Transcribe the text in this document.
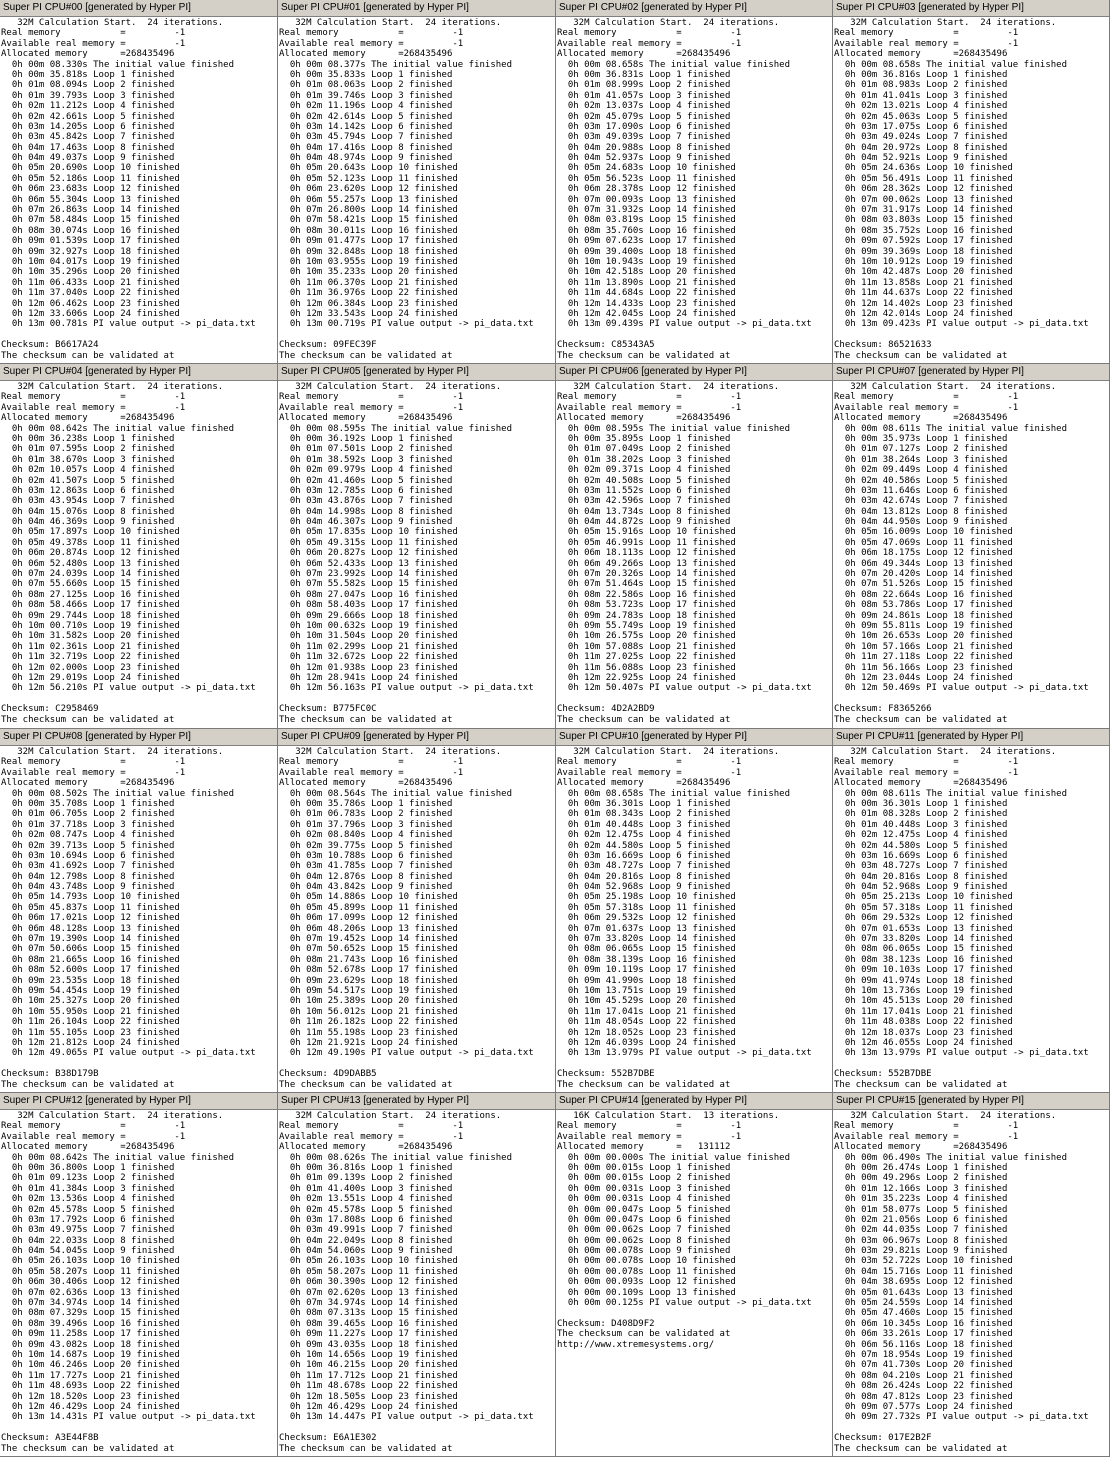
Super PI CPU#00 [generated by Hyper PI]
32M Calculation Start.  24 iterations.
Real memory           =         -1
Available real memory =         -1
Allocated memory      =268435496
0h 00m 08.330s The initial value finished
0h 00m 35.818s Loop 1 finished
0h 01m 08.094s Loop 2 finished
0h 01m 39.793s Loop 3 finished
0h 02m 11.212s Loop 4 finished
0h 02m 42.661s Loop 5 finished
0h 03m 14.205s Loop 6 finished
0h 03m 45.842s Loop 7 finished
0h 04m 17.463s Loop 8 finished
0h 04m 49.037s Loop 9 finished
0h 05m 20.690s Loop 10 finished
0h 05m 52.186s Loop 11 finished
0h 06m 23.683s Loop 12 finished
0h 06m 55.304s Loop 13 finished
0h 07m 26.863s Loop 14 finished
0h 07m 58.484s Loop 15 finished
0h 08m 30.074s Loop 16 finished
0h 09m 01.539s Loop 17 finished
0h 09m 32.927s Loop 18 finished
0h 10m 04.017s Loop 19 finished
0h 10m 35.296s Loop 20 finished
0h 11m 06.433s Loop 21 finished
0h 11m 37.040s Loop 22 finished
0h 12m 06.462s Loop 23 finished
0h 12m 33.606s Loop 24 finished
0h 13m 00.781s PI value output -> pi_data.txt
Checksum: B6617A24
The checksum can be validated at
Super PI CPU#01 [generated by Hyper PI]
32M Calculation Start.  24 iterations.
Real memory           =         -1
Available real memory =         -1
Allocated memory      =268435496
0h 00m 08.377s The initial value finished
0h 00m 35.833s Loop 1 finished
0h 01m 08.063s Loop 2 finished
0h 01m 39.746s Loop 3 finished
0h 02m 11.196s Loop 4 finished
0h 02m 42.614s Loop 5 finished
0h 03m 14.142s Loop 6 finished
0h 03m 45.794s Loop 7 finished
0h 04m 17.416s Loop 8 finished
0h 04m 48.974s Loop 9 finished
0h 05m 20.643s Loop 10 finished
0h 05m 52.123s Loop 11 finished
0h 06m 23.620s Loop 12 finished
0h 06m 55.257s Loop 13 finished
0h 07m 26.800s Loop 14 finished
0h 07m 58.421s Loop 15 finished
0h 08m 30.011s Loop 16 finished
0h 09m 01.477s Loop 17 finished
0h 09m 32.848s Loop 18 finished
0h 10m 03.955s Loop 19 finished
0h 10m 35.233s Loop 20 finished
0h 11m 06.370s Loop 21 finished
0h 11m 36.976s Loop 22 finished
0h 12m 06.384s Loop 23 finished
0h 12m 33.543s Loop 24 finished
0h 13m 00.719s PI value output -> pi_data.txt
Checksum: 09FEC39F
The checksum can be validated at
Super PI CPU#02 [generated by Hyper PI]
32M Calculation Start.  24 iterations.
Real memory           =         -1
Available real memory =         -1
Allocated memory      =268435496
0h 00m 08.658s The initial value finished
0h 00m 36.831s Loop 1 finished
0h 01m 08.999s Loop 2 finished
0h 01m 41.057s Loop 3 finished
0h 02m 13.037s Loop 4 finished
0h 02m 45.079s Loop 5 finished
0h 03m 17.090s Loop 6 finished
0h 03m 49.039s Loop 7 finished
0h 04m 20.988s Loop 8 finished
0h 04m 52.937s Loop 9 finished
0h 05m 24.683s Loop 10 finished
0h 05m 56.523s Loop 11 finished
0h 06m 28.378s Loop 12 finished
0h 07m 00.093s Loop 13 finished
0h 07m 31.932s Loop 14 finished
0h 08m 03.819s Loop 15 finished
0h 08m 35.760s Loop 16 finished
0h 09m 07.623s Loop 17 finished
0h 09m 39.400s Loop 18 finished
0h 10m 10.943s Loop 19 finished
0h 10m 42.518s Loop 20 finished
0h 11m 13.890s Loop 21 finished
0h 11m 44.684s Loop 22 finished
0h 12m 14.433s Loop 23 finished
0h 12m 42.045s Loop 24 finished
0h 13m 09.439s PI value output -> pi_data.txt
Checksum: C85343A5
The checksum can be validated at
Super PI CPU#03 [generated by Hyper PI]
32M Calculation Start.  24 iterations.
Real memory           =         -1
Available real memory =         -1
Allocated memory      =268435496
0h 00m 08.658s The initial value finished
0h 00m 36.816s Loop 1 finished
0h 01m 08.983s Loop 2 finished
0h 01m 41.041s Loop 3 finished
0h 02m 13.021s Loop 4 finished
0h 02m 45.063s Loop 5 finished
0h 03m 17.075s Loop 6 finished
0h 03m 49.024s Loop 7 finished
0h 04m 20.972s Loop 8 finished
0h 04m 52.921s Loop 9 finished
0h 05m 24.636s Loop 10 finished
0h 05m 56.491s Loop 11 finished
0h 06m 28.362s Loop 12 finished
0h 07m 00.062s Loop 13 finished
0h 07m 31.917s Loop 14 finished
0h 08m 03.803s Loop 15 finished
0h 08m 35.752s Loop 16 finished
0h 09m 07.592s Loop 17 finished
0h 09m 39.369s Loop 18 finished
0h 10m 10.912s Loop 19 finished
0h 10m 42.487s Loop 20 finished
0h 11m 13.858s Loop 21 finished
0h 11m 44.637s Loop 22 finished
0h 12m 14.402s Loop 23 finished
0h 12m 42.014s Loop 24 finished
0h 13m 09.423s PI value output -> pi_data.txt
Checksum: 86521633
The checksum can be validated at
Super PI CPU#04 [generated by Hyper PI]
32M Calculation Start.  24 iterations.
Real memory           =         -1
Available real memory =         -1
Allocated memory      =268435496
0h 00m 08.642s The initial value finished
0h 00m 36.238s Loop 1 finished
0h 01m 07.595s Loop 2 finished
0h 01m 38.670s Loop 3 finished
0h 02m 10.057s Loop 4 finished
0h 02m 41.507s Loop 5 finished
0h 03m 12.863s Loop 6 finished
0h 03m 43.954s Loop 7 finished
0h 04m 15.076s Loop 8 finished
0h 04m 46.369s Loop 9 finished
0h 05m 17.897s Loop 10 finished
0h 05m 49.378s Loop 11 finished
0h 06m 20.874s Loop 12 finished
0h 06m 52.480s Loop 13 finished
0h 07m 24.039s Loop 14 finished
0h 07m 55.660s Loop 15 finished
0h 08m 27.125s Loop 16 finished
0h 08m 58.466s Loop 17 finished
0h 09m 29.744s Loop 18 finished
0h 10m 00.710s Loop 19 finished
0h 10m 31.582s Loop 20 finished
0h 11m 02.361s Loop 21 finished
0h 11m 32.719s Loop 22 finished
0h 12m 02.000s Loop 23 finished
0h 12m 29.019s Loop 24 finished
0h 12m 56.210s PI value output -> pi_data.txt
Checksum: C2958469
The checksum can be validated at
Super PI CPU#05 [generated by Hyper PI]
32M Calculation Start.  24 iterations.
Real memory           =         -1
Available real memory =         -1
Allocated memory      =268435496
0h 00m 08.595s The initial value finished
0h 00m 36.192s Loop 1 finished
0h 01m 07.501s Loop 2 finished
0h 01m 38.592s Loop 3 finished
0h 02m 09.979s Loop 4 finished
0h 02m 41.460s Loop 5 finished
0h 03m 12.785s Loop 6 finished
0h 03m 43.876s Loop 7 finished
0h 04m 14.998s Loop 8 finished
0h 04m 46.307s Loop 9 finished
0h 05m 17.835s Loop 10 finished
0h 05m 49.315s Loop 11 finished
0h 06m 20.827s Loop 12 finished
0h 06m 52.433s Loop 13 finished
0h 07m 23.992s Loop 14 finished
0h 07m 55.582s Loop 15 finished
0h 08m 27.047s Loop 16 finished
0h 08m 58.403s Loop 17 finished
0h 09m 29.666s Loop 18 finished
0h 10m 00.632s Loop 19 finished
0h 10m 31.504s Loop 20 finished
0h 11m 02.299s Loop 21 finished
0h 11m 32.672s Loop 22 finished
0h 12m 01.938s Loop 23 finished
0h 12m 28.941s Loop 24 finished
0h 12m 56.163s PI value output -> pi_data.txt
Checksum: B775FC0C
The checksum can be validated at
Super PI CPU#06 [generated by Hyper PI]
32M Calculation Start.  24 iterations.
Real memory           =         -1
Available real memory =         -1
Allocated memory      =268435496
0h 00m 08.595s The initial value finished
0h 00m 35.895s Loop 1 finished
0h 01m 07.049s Loop 2 finished
0h 01m 38.202s Loop 3 finished
0h 02m 09.371s Loop 4 finished
0h 02m 40.508s Loop 5 finished
0h 03m 11.552s Loop 6 finished
0h 03m 42.596s Loop 7 finished
0h 04m 13.734s Loop 8 finished
0h 04m 44.872s Loop 9 finished
0h 05m 15.916s Loop 10 finished
0h 05m 46.991s Loop 11 finished
0h 06m 18.113s Loop 12 finished
0h 06m 49.266s Loop 13 finished
0h 07m 20.326s Loop 14 finished
0h 07m 51.464s Loop 15 finished
0h 08m 22.586s Loop 16 finished
0h 08m 53.723s Loop 17 finished
0h 09m 24.783s Loop 18 finished
0h 09m 55.749s Loop 19 finished
0h 10m 26.575s Loop 20 finished
0h 10m 57.088s Loop 21 finished
0h 11m 27.025s Loop 22 finished
0h 11m 56.088s Loop 23 finished
0h 12m 22.925s Loop 24 finished
0h 12m 50.407s PI value output -> pi_data.txt
Checksum: 4D2A2BD9
The checksum can be validated at
Super PI CPU#07 [generated by Hyper PI]
32M Calculation Start.  24 iterations.
Real memory           =         -1
Available real memory =         -1
Allocated memory      =268435496
0h 00m 08.611s The initial value finished
0h 00m 35.973s Loop 1 finished
0h 01m 07.127s Loop 2 finished
0h 01m 38.264s Loop 3 finished
0h 02m 09.449s Loop 4 finished
0h 02m 40.586s Loop 5 finished
0h 03m 11.646s Loop 6 finished
0h 03m 42.674s Loop 7 finished
0h 04m 13.812s Loop 8 finished
0h 04m 44.950s Loop 9 finished
0h 05m 16.009s Loop 10 finished
0h 05m 47.069s Loop 11 finished
0h 06m 18.175s Loop 12 finished
0h 06m 49.344s Loop 13 finished
0h 07m 20.420s Loop 14 finished
0h 07m 51.526s Loop 15 finished
0h 08m 22.664s Loop 16 finished
0h 08m 53.786s Loop 17 finished
0h 09m 24.861s Loop 18 finished
0h 09m 55.811s Loop 19 finished
0h 10m 26.653s Loop 20 finished
0h 10m 57.166s Loop 21 finished
0h 11m 27.118s Loop 22 finished
0h 11m 56.166s Loop 23 finished
0h 12m 23.044s Loop 24 finished
0h 12m 50.469s PI value output -> pi_data.txt
Checksum: F8365266
The checksum can be validated at
Super PI CPU#08 [generated by Hyper PI]
32M Calculation Start.  24 iterations.
Real memory           =         -1
Available real memory =         -1
Allocated memory      =268435496
0h 00m 08.502s The initial value finished
0h 00m 35.708s Loop 1 finished
0h 01m 06.705s Loop 2 finished
0h 01m 37.718s Loop 3 finished
0h 02m 08.747s Loop 4 finished
0h 02m 39.713s Loop 5 finished
0h 03m 10.694s Loop 6 finished
0h 03m 41.692s Loop 7 finished
0h 04m 12.798s Loop 8 finished
0h 04m 43.748s Loop 9 finished
0h 05m 14.793s Loop 10 finished
0h 05m 45.837s Loop 11 finished
0h 06m 17.021s Loop 12 finished
0h 06m 48.128s Loop 13 finished
0h 07m 19.390s Loop 14 finished
0h 07m 50.606s Loop 15 finished
0h 08m 21.665s Loop 16 finished
0h 08m 52.600s Loop 17 finished
0h 09m 23.535s Loop 18 finished
0h 09m 54.454s Loop 19 finished
0h 10m 25.327s Loop 20 finished
0h 10m 55.950s Loop 21 finished
0h 11m 26.104s Loop 22 finished
0h 11m 55.105s Loop 23 finished
0h 12m 21.812s Loop 24 finished
0h 12m 49.065s PI value output -> pi_data.txt
Checksum: B38D179B
The checksum can be validated at
Super PI CPU#09 [generated by Hyper PI]
32M Calculation Start.  24 iterations.
Real memory           =         -1
Available real memory =         -1
Allocated memory      =268435496
0h 00m 08.564s The initial value finished
0h 00m 35.786s Loop 1 finished
0h 01m 06.783s Loop 2 finished
0h 01m 37.796s Loop 3 finished
0h 02m 08.840s Loop 4 finished
0h 02m 39.775s Loop 5 finished
0h 03m 10.788s Loop 6 finished
0h 03m 41.785s Loop 7 finished
0h 04m 12.876s Loop 8 finished
0h 04m 43.842s Loop 9 finished
0h 05m 14.886s Loop 10 finished
0h 05m 45.899s Loop 11 finished
0h 06m 17.099s Loop 12 finished
0h 06m 48.206s Loop 13 finished
0h 07m 19.452s Loop 14 finished
0h 07m 50.652s Loop 15 finished
0h 08m 21.743s Loop 16 finished
0h 08m 52.678s Loop 17 finished
0h 09m 23.629s Loop 18 finished
0h 09m 54.517s Loop 19 finished
0h 10m 25.389s Loop 20 finished
0h 10m 56.012s Loop 21 finished
0h 11m 26.182s Loop 22 finished
0h 11m 55.198s Loop 23 finished
0h 12m 21.921s Loop 24 finished
0h 12m 49.190s PI value output -> pi_data.txt
Checksum: 4D9DABB5
The checksum can be validated at
Super PI CPU#10 [generated by Hyper PI]
32M Calculation Start.  24 iterations.
Real memory           =         -1
Available real memory =         -1
Allocated memory      =268435496
0h 00m 08.658s The initial value finished
0h 00m 36.301s Loop 1 finished
0h 01m 08.343s Loop 2 finished
0h 01m 40.448s Loop 3 finished
0h 02m 12.475s Loop 4 finished
0h 02m 44.580s Loop 5 finished
0h 03m 16.669s Loop 6 finished
0h 03m 48.727s Loop 7 finished
0h 04m 20.816s Loop 8 finished
0h 04m 52.968s Loop 9 finished
0h 05m 25.198s Loop 10 finished
0h 05m 57.318s Loop 11 finished
0h 06m 29.532s Loop 12 finished
0h 07m 01.637s Loop 13 finished
0h 07m 33.820s Loop 14 finished
0h 08m 06.065s Loop 15 finished
0h 08m 38.139s Loop 16 finished
0h 09m 10.119s Loop 17 finished
0h 09m 41.990s Loop 18 finished
0h 10m 13.751s Loop 19 finished
0h 10m 45.529s Loop 20 finished
0h 11m 17.041s Loop 21 finished
0h 11m 48.054s Loop 22 finished
0h 12m 18.052s Loop 23 finished
0h 12m 46.039s Loop 24 finished
0h 13m 13.979s PI value output -> pi_data.txt
Checksum: 552B7DBE
The checksum can be validated at
Super PI CPU#11 [generated by Hyper PI]
32M Calculation Start.  24 iterations.
Real memory           =         -1
Available real memory =         -1
Allocated memory      =268435496
0h 00m 08.611s The initial value finished
0h 00m 36.301s Loop 1 finished
0h 01m 08.328s Loop 2 finished
0h 01m 40.448s Loop 3 finished
0h 02m 12.475s Loop 4 finished
0h 02m 44.580s Loop 5 finished
0h 03m 16.669s Loop 6 finished
0h 03m 48.727s Loop 7 finished
0h 04m 20.816s Loop 8 finished
0h 04m 52.968s Loop 9 finished
0h 05m 25.213s Loop 10 finished
0h 05m 57.318s Loop 11 finished
0h 06m 29.532s Loop 12 finished
0h 07m 01.653s Loop 13 finished
0h 07m 33.820s Loop 14 finished
0h 08m 06.065s Loop 15 finished
0h 08m 38.123s Loop 16 finished
0h 09m 10.103s Loop 17 finished
0h 09m 41.974s Loop 18 finished
0h 10m 13.736s Loop 19 finished
0h 10m 45.513s Loop 20 finished
0h 11m 17.041s Loop 21 finished
0h 11m 48.038s Loop 22 finished
0h 12m 18.037s Loop 23 finished
0h 12m 46.055s Loop 24 finished
0h 13m 13.979s PI value output -> pi_data.txt
Checksum: 552B7DBE
The checksum can be validated at
Super PI CPU#12 [generated by Hyper PI]
32M Calculation Start.  24 iterations.
Real memory           =         -1
Available real memory =         -1
Allocated memory      =268435496
0h 00m 08.642s The initial value finished
0h 00m 36.800s Loop 1 finished
0h 01m 09.123s Loop 2 finished
0h 01m 41.384s Loop 3 finished
0h 02m 13.536s Loop 4 finished
0h 02m 45.578s Loop 5 finished
0h 03m 17.792s Loop 6 finished
0h 03m 49.975s Loop 7 finished
0h 04m 22.033s Loop 8 finished
0h 04m 54.045s Loop 9 finished
0h 05m 26.103s Loop 10 finished
0h 05m 58.207s Loop 11 finished
0h 06m 30.406s Loop 12 finished
0h 07m 02.636s Loop 13 finished
0h 07m 34.974s Loop 14 finished
0h 08m 07.329s Loop 15 finished
0h 08m 39.496s Loop 16 finished
0h 09m 11.258s Loop 17 finished
0h 09m 43.082s Loop 18 finished
0h 10m 14.687s Loop 19 finished
0h 10m 46.246s Loop 20 finished
0h 11m 17.727s Loop 21 finished
0h 11m 48.693s Loop 22 finished
0h 12m 18.520s Loop 23 finished
0h 12m 46.429s Loop 24 finished
0h 13m 14.431s PI value output -> pi_data.txt
Checksum: A3E44F8B
The checksum can be validated at
Super PI CPU#13 [generated by Hyper PI]
32M Calculation Start.  24 iterations.
Real memory           =         -1
Available real memory =         -1
Allocated memory      =268435496
0h 00m 08.626s The initial value finished
0h 00m 36.816s Loop 1 finished
0h 01m 09.139s Loop 2 finished
0h 01m 41.400s Loop 3 finished
0h 02m 13.551s Loop 4 finished
0h 02m 45.578s Loop 5 finished
0h 03m 17.808s Loop 6 finished
0h 03m 49.991s Loop 7 finished
0h 04m 22.049s Loop 8 finished
0h 04m 54.060s Loop 9 finished
0h 05m 26.103s Loop 10 finished
0h 05m 58.207s Loop 11 finished
0h 06m 30.390s Loop 12 finished
0h 07m 02.620s Loop 13 finished
0h 07m 34.974s Loop 14 finished
0h 08m 07.313s Loop 15 finished
0h 08m 39.465s Loop 16 finished
0h 09m 11.227s Loop 17 finished
0h 09m 43.035s Loop 18 finished
0h 10m 14.656s Loop 19 finished
0h 10m 46.215s Loop 20 finished
0h 11m 17.712s Loop 21 finished
0h 11m 48.678s Loop 22 finished
0h 12m 18.505s Loop 23 finished
0h 12m 46.429s Loop 24 finished
0h 13m 14.447s PI value output -> pi_data.txt
Checksum: E6A1E302
The checksum can be validated at
Super PI CPU#14 [generated by Hyper PI]
16K Calculation Start.  13 iterations.
Real memory           =         -1
Available real memory =         -1
Allocated memory      =   131112
0h 00m 00.000s The initial value finished
0h 00m 00.015s Loop 1 finished
0h 00m 00.015s Loop 2 finished
0h 00m 00.031s Loop 3 finished
0h 00m 00.031s Loop 4 finished
0h 00m 00.047s Loop 5 finished
0h 00m 00.047s Loop 6 finished
0h 00m 00.062s Loop 7 finished
0h 00m 00.062s Loop 8 finished
0h 00m 00.078s Loop 9 finished
0h 00m 00.078s Loop 10 finished
0h 00m 00.078s Loop 11 finished
0h 00m 00.093s Loop 12 finished
0h 00m 00.109s Loop 13 finished
0h 00m 00.125s PI value output -> pi_data.txt
Checksum: D408D9F2
The checksum can be validated at
http://www.xtremesystems.org/
Super PI CPU#15 [generated by Hyper PI]
32M Calculation Start.  24 iterations.
Real memory           =         -1
Available real memory =         -1
Allocated memory      =268435496
0h 00m 06.490s The initial value finished
0h 00m 26.474s Loop 1 finished
0h 00m 49.296s Loop 2 finished
0h 01m 12.166s Loop 3 finished
0h 01m 35.223s Loop 4 finished
0h 01m 58.077s Loop 5 finished
0h 02m 21.056s Loop 6 finished
0h 02m 44.035s Loop 7 finished
0h 03m 06.967s Loop 8 finished
0h 03m 29.821s Loop 9 finished
0h 03m 52.722s Loop 10 finished
0h 04m 15.716s Loop 11 finished
0h 04m 38.695s Loop 12 finished
0h 05m 01.643s Loop 13 finished
0h 05m 24.559s Loop 14 finished
0h 05m 47.460s Loop 15 finished
0h 06m 10.345s Loop 16 finished
0h 06m 33.261s Loop 17 finished
0h 06m 56.116s Loop 18 finished
0h 07m 18.954s Loop 19 finished
0h 07m 41.730s Loop 20 finished
0h 08m 04.210s Loop 21 finished
0h 08m 26.424s Loop 22 finished
0h 08m 47.812s Loop 23 finished
0h 09m 07.577s Loop 24 finished
0h 09m 27.732s PI value output -> pi_data.txt
Checksum: 017E2B2F
The checksum can be validated at
